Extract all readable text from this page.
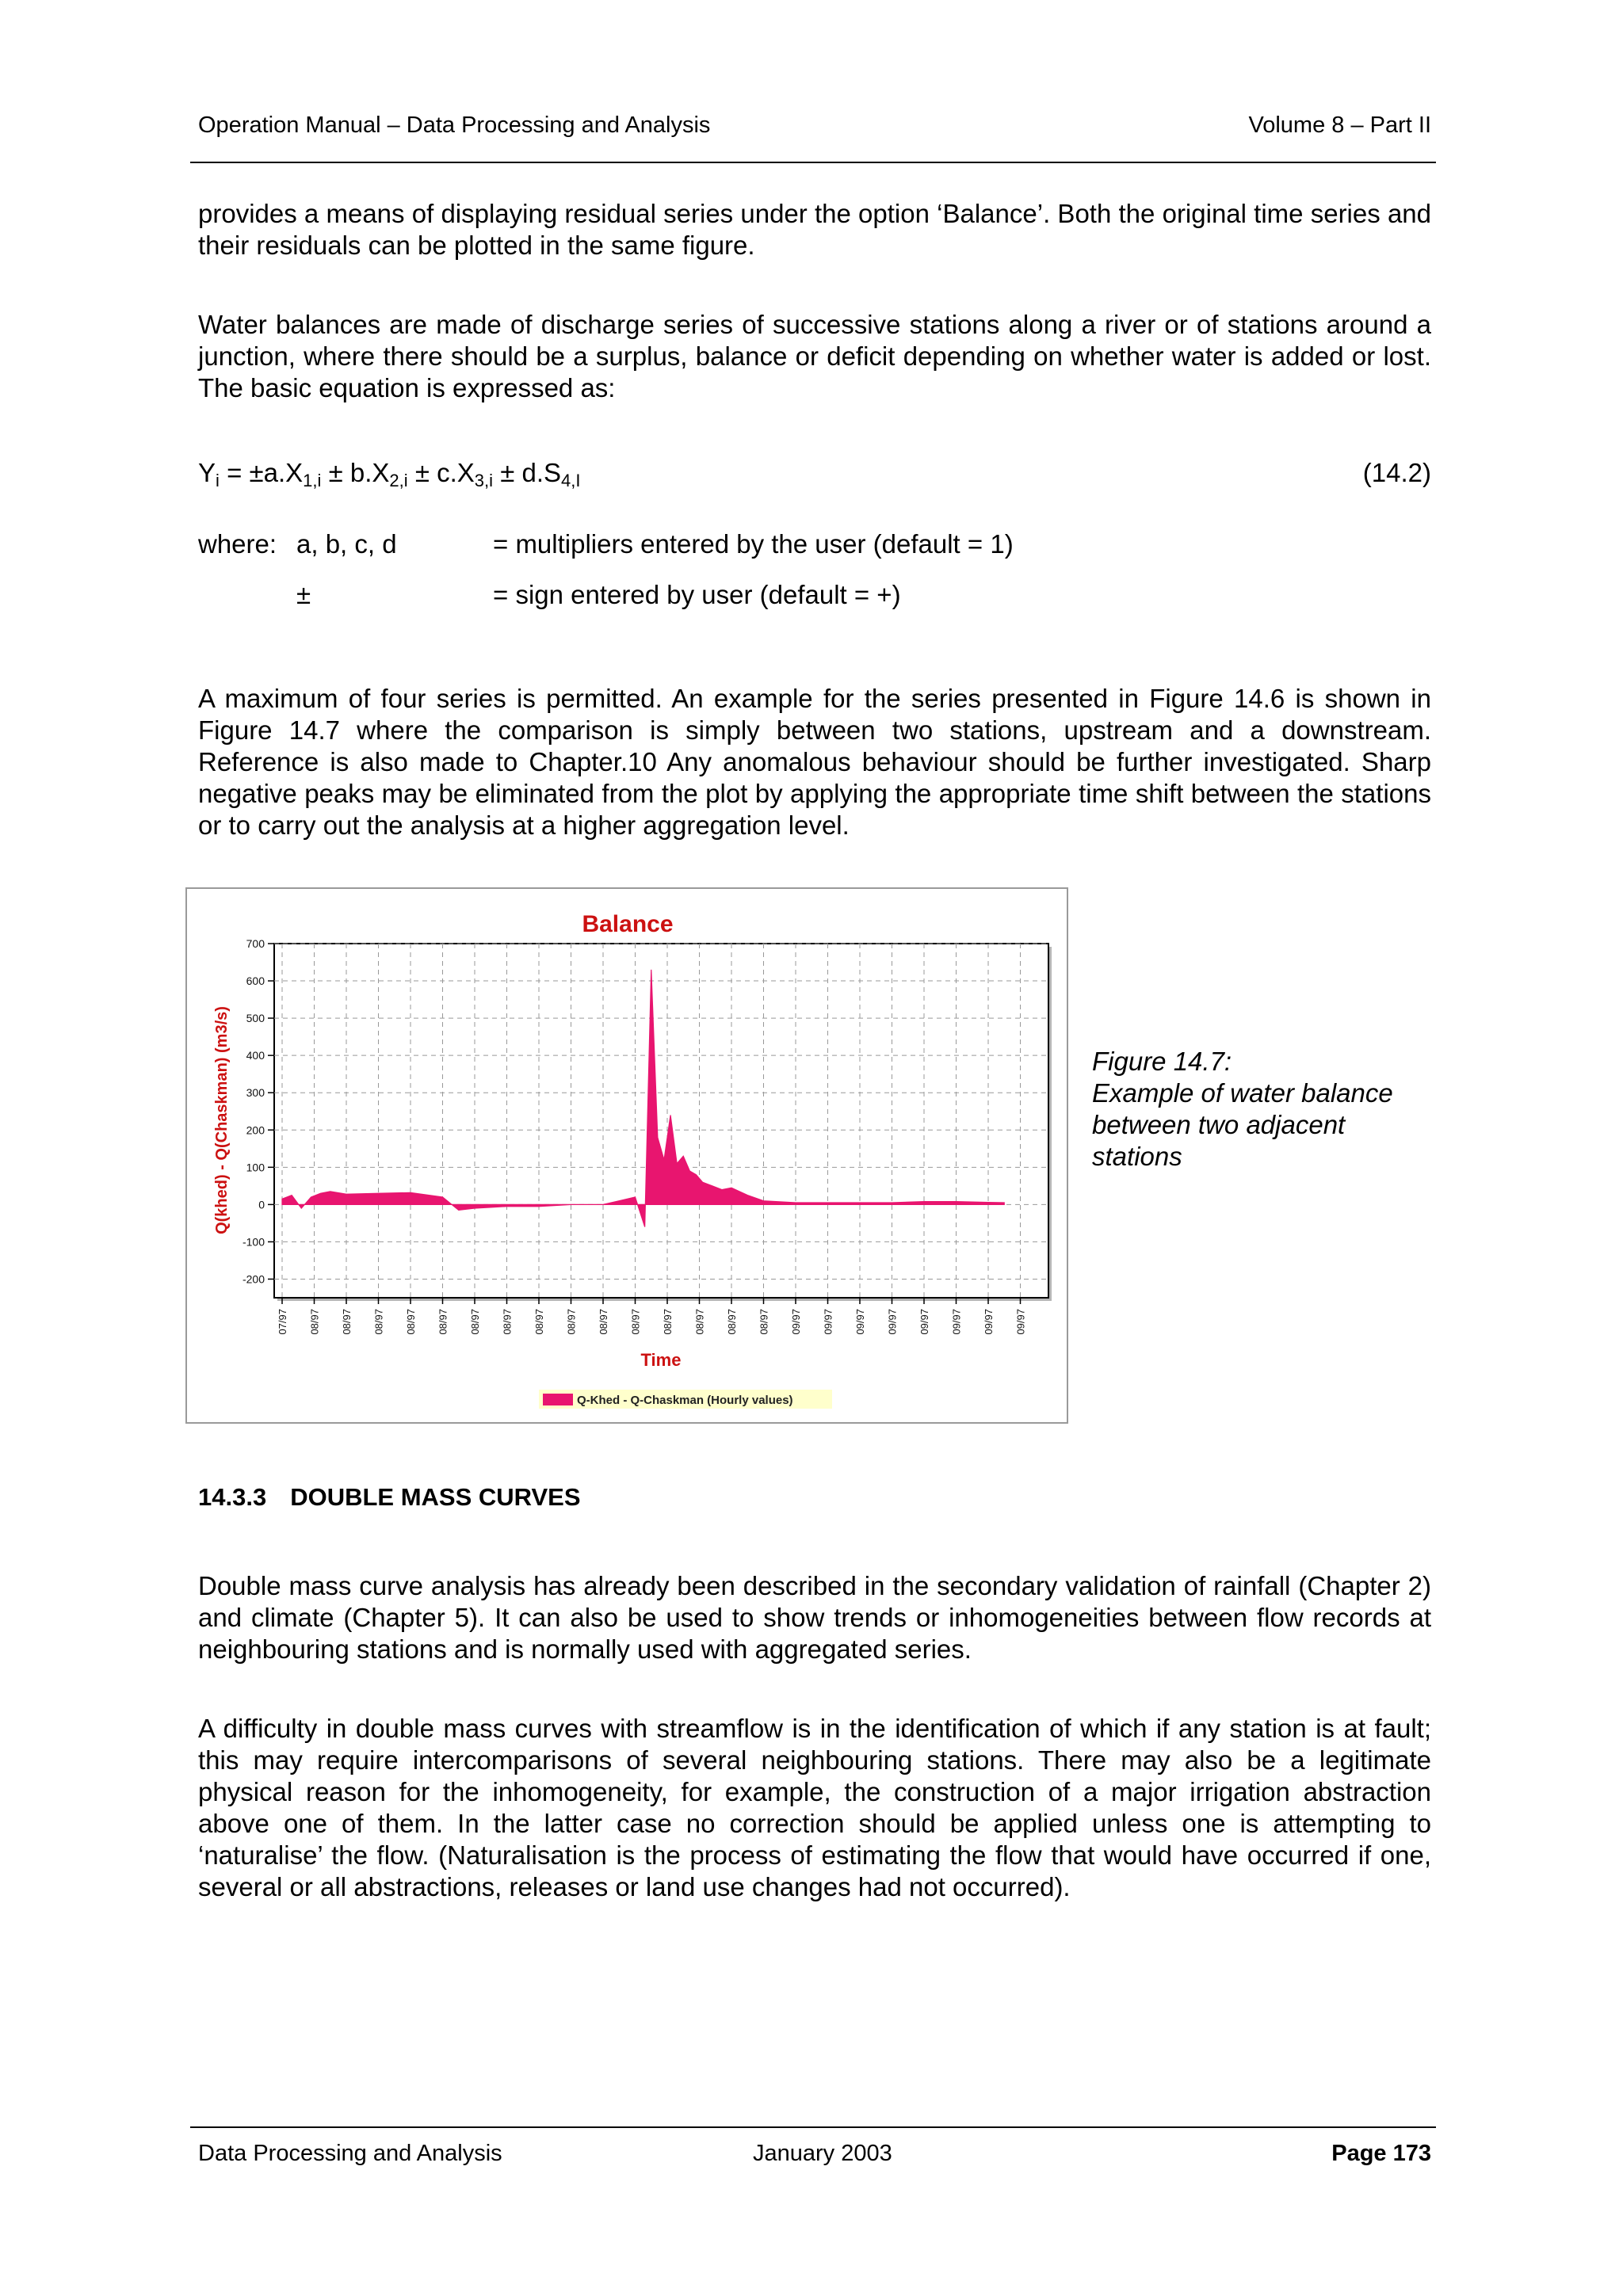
Operation Manual – Data Processing and Analysis	Volume 8 – Part II

provides a means of displaying residual series under the option ‘Balance’. Both the original time series and their residuals can be plotted in the same figure.

Water balances are made of discharge series of successive stations along a river or of stations around a junction, where there should be a surplus, balance or deficit depending on whether water is added or lost. The basic equation is expressed as:

$Y_i = \pm a.X_{1,i} \pm b.X_{2,i} \pm c.X_{3,i} \pm d.S_{4,I}$	(14.2)
where: a, b, c, d	= multipliers entered by the user (default = 1)
±	= sign entered by user (default = +)

A maximum of four series is permitted. An example for the series presented in Figure 14.6 is shown in Figure 14.7 where the comparison is simply between two stations, upstream and a downstream. Reference is also made to Chapter.10 Any anomalous behaviour should be further investigated. Sharp negative peaks may be eliminated from the plot by applying the appropriate time shift between the stations or to carry out the analysis at a higher aggregation level.

Balance
700
600
500
400
300
200
100
0
-100
-200
07/97 08/97 08/97 08/97 08/97 08/97 08/97 08/97 08/97 08/97 08/97 08/97 08/97 08/97 08/97 08/97 09/97 09/97 09/97 09/97 09/97 09/97 09/97 09/97
Q(khed) - Q(Chaskman) (m3/s)
Time
Q-Khed - Q-Chaskman (Hourly values)
Figure 14.7:
Example of water balance
between two adjacent
stations
14.3.3 DOUBLE MASS CURVES

Double mass curve analysis has already been described in the secondary validation of rainfall (Chapter 2) and climate (Chapter 5). It can also be used to show trends or inhomogeneities between flow records at neighbouring stations and is normally used with aggregated series.

A difficulty in double mass curves with streamflow is in the identification of which if any station is at fault; this may require intercomparisons of several neighbouring stations. There may also be a legitimate physical reason for the inhomogeneity, for example, the construction of a major irrigation abstraction above one of them. In the latter case no correction should be applied unless one is attempting to ‘naturalise’ the flow. (Naturalisation is the process of estimating the flow that would have occurred if one, several or all abstractions, releases or land use changes had not occurred).

Data Processing and Analysis	January 2003	Page 173
